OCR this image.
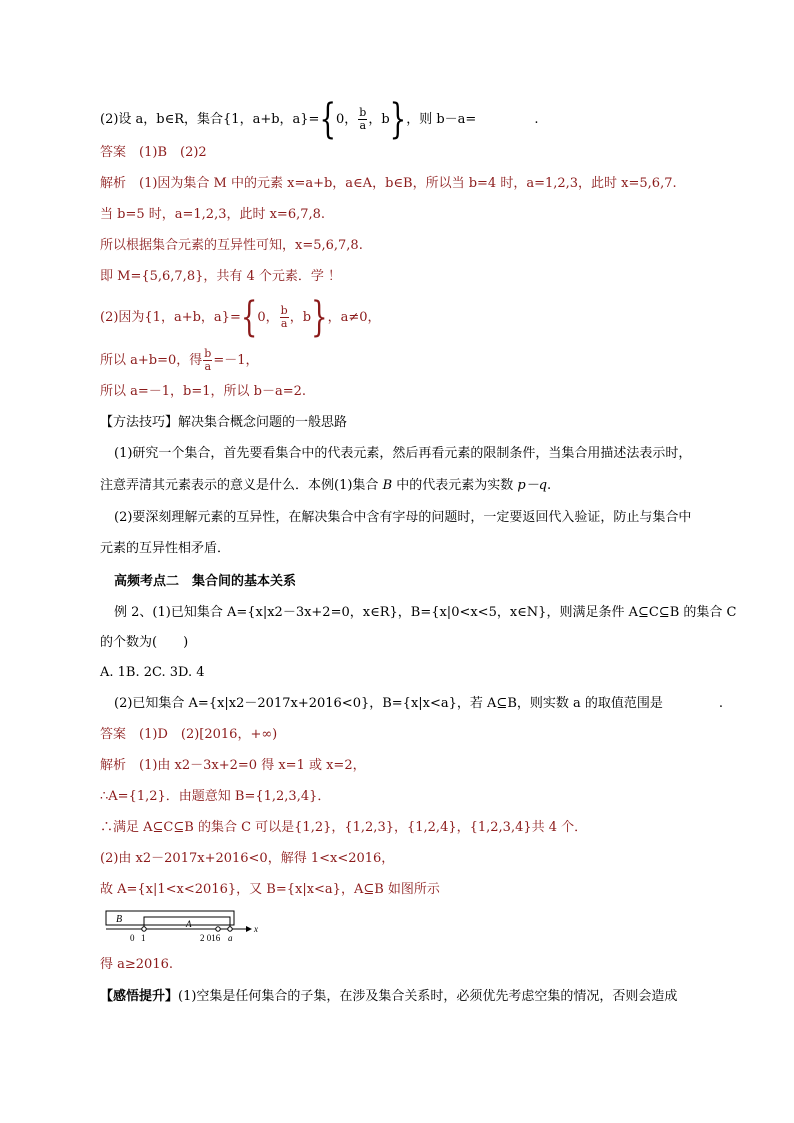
(2)设 a，b∈R，集合{1，a+b，a}={0， $\frac{b}{a}$ ，b}，则 b－a=	.
答案　 (1)B　(2)2
解析　(1)因为集合 M 中的元素 x=a+b，a∈A，b∈B，所以当 b=4 时，a=1,2,3，此时 x=5,6,7.
当 b=5 时，a=1,2,3，此时 x=6,7,8.
所以根据集合元素的互异性可知，x=5,6,7,8.
即 M={5,6,7,8}，共有 4 个元素．学 ！
(2)因为{1，a+b，a}={0， $\frac{b}{a}$ ，b}，a≠0，
所以 a+b=0，得 $\frac{b}{a} =-1$，
所以 a=－1，b=1，所以 b－a=2.
【方法技巧】解决集合概念问题的一般思路
(1)研究一个集合，首先要看集合中的代表元素，然后再看元素的限制条件，当集合用描述法表示时，
注意弄清其元素表示的意义是什么．本例(1)集合 B 中的代表元素为实数 p－q.
(2)要深刻理解元素的互异性，在解决集合中含有字母的问题时，一定要返回代入验证，防止与集合中
元素的互异性相矛盾．
高频考点二　集合间的基本关系
例 2、(1)已知集合 A={x|x2－3x+2=0，x∈R}，B={x|0<x<5，x∈N}，则满足条件 A⊆C⊆B 的集合 C
的个数为(　　)
A. 1B. 2C. 3D. 4
(2)已知集合 A={x|x2－2017x+2016<0}，B={x|x<a}，若 A⊆B，则实数 a 的取值范围是	.
答案　 (1)D　(2)[2016，+∞)
解析　(1)由 x2－3x+2=0 得 x=1 或 x=2，
∴A={1,2}．由题意知 B={1,2,3,4}．
∴满足 A⊆C⊆B 的集合 C 可以是{1,2}，{1,2,3}，{1,2,4}，{1,2,3,4}共 4 个．
(2)由 x2－2017x+2016<0，解得 1<x<2016，
故 A={x|1<x<2016}，又 B={x|x<a}，A⊆B 如图所示
B	A
0 1	2 016 a
x
得 a≥2016.
【感悟提升】(1)空集是任何集合的子集，在涉及集合关系时，必须优先考虑空集的情况，否则会造成
